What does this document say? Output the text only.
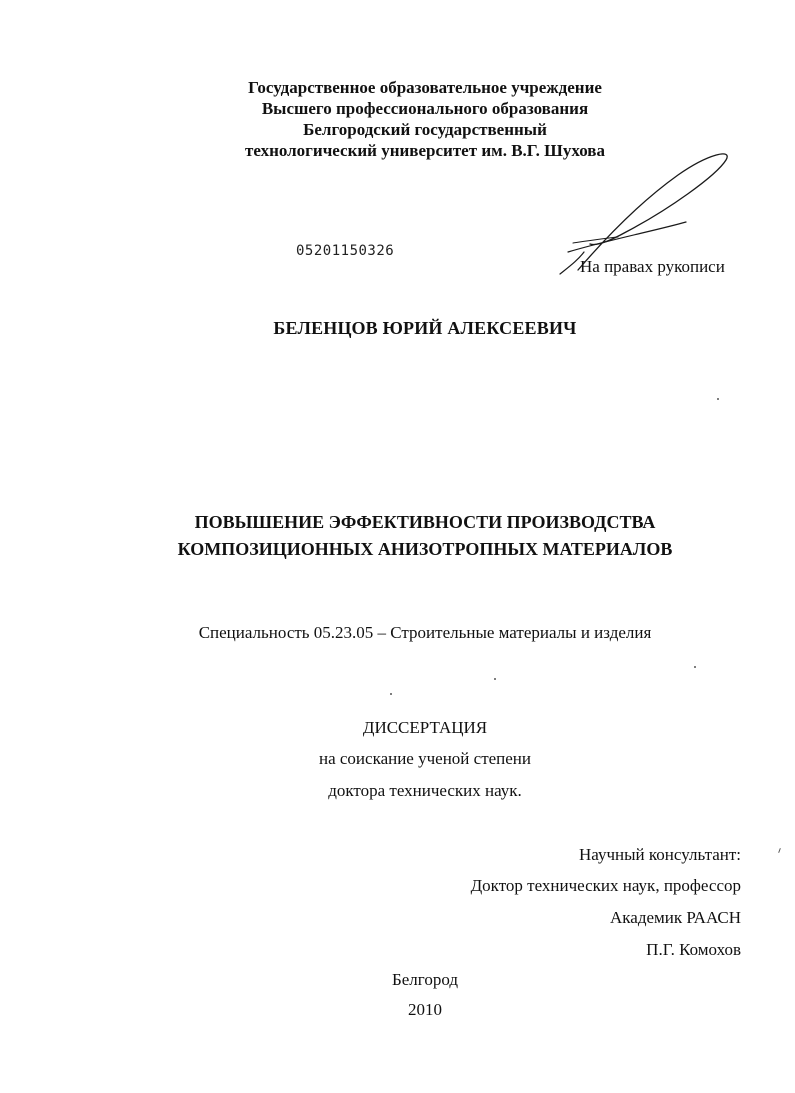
Государственное образовательное учреждение
Высшего профессионального образования
Белгородский государственный
технологический университет им. В.Г. Шухова
05201150326
На правах рукописи
БЕЛЕНЦОВ ЮРИЙ АЛЕКСЕЕВИЧ
ПОВЫШЕНИЕ ЭФФЕКТИВНОСТИ ПРОИЗВОДСТВА
КОМПОЗИЦИОННЫХ АНИЗОТРОПНЫХ МАТЕРИАЛОВ
Специальность 05.23.05 – Строительные материалы и изделия
ДИССЕРТАЦИЯ
на соискание ученой степени
доктора технических наук.
Научный консультант:
Доктор технических наук, профессор
Академик РААСН
П.Г. Комохов
Белгород
2010
